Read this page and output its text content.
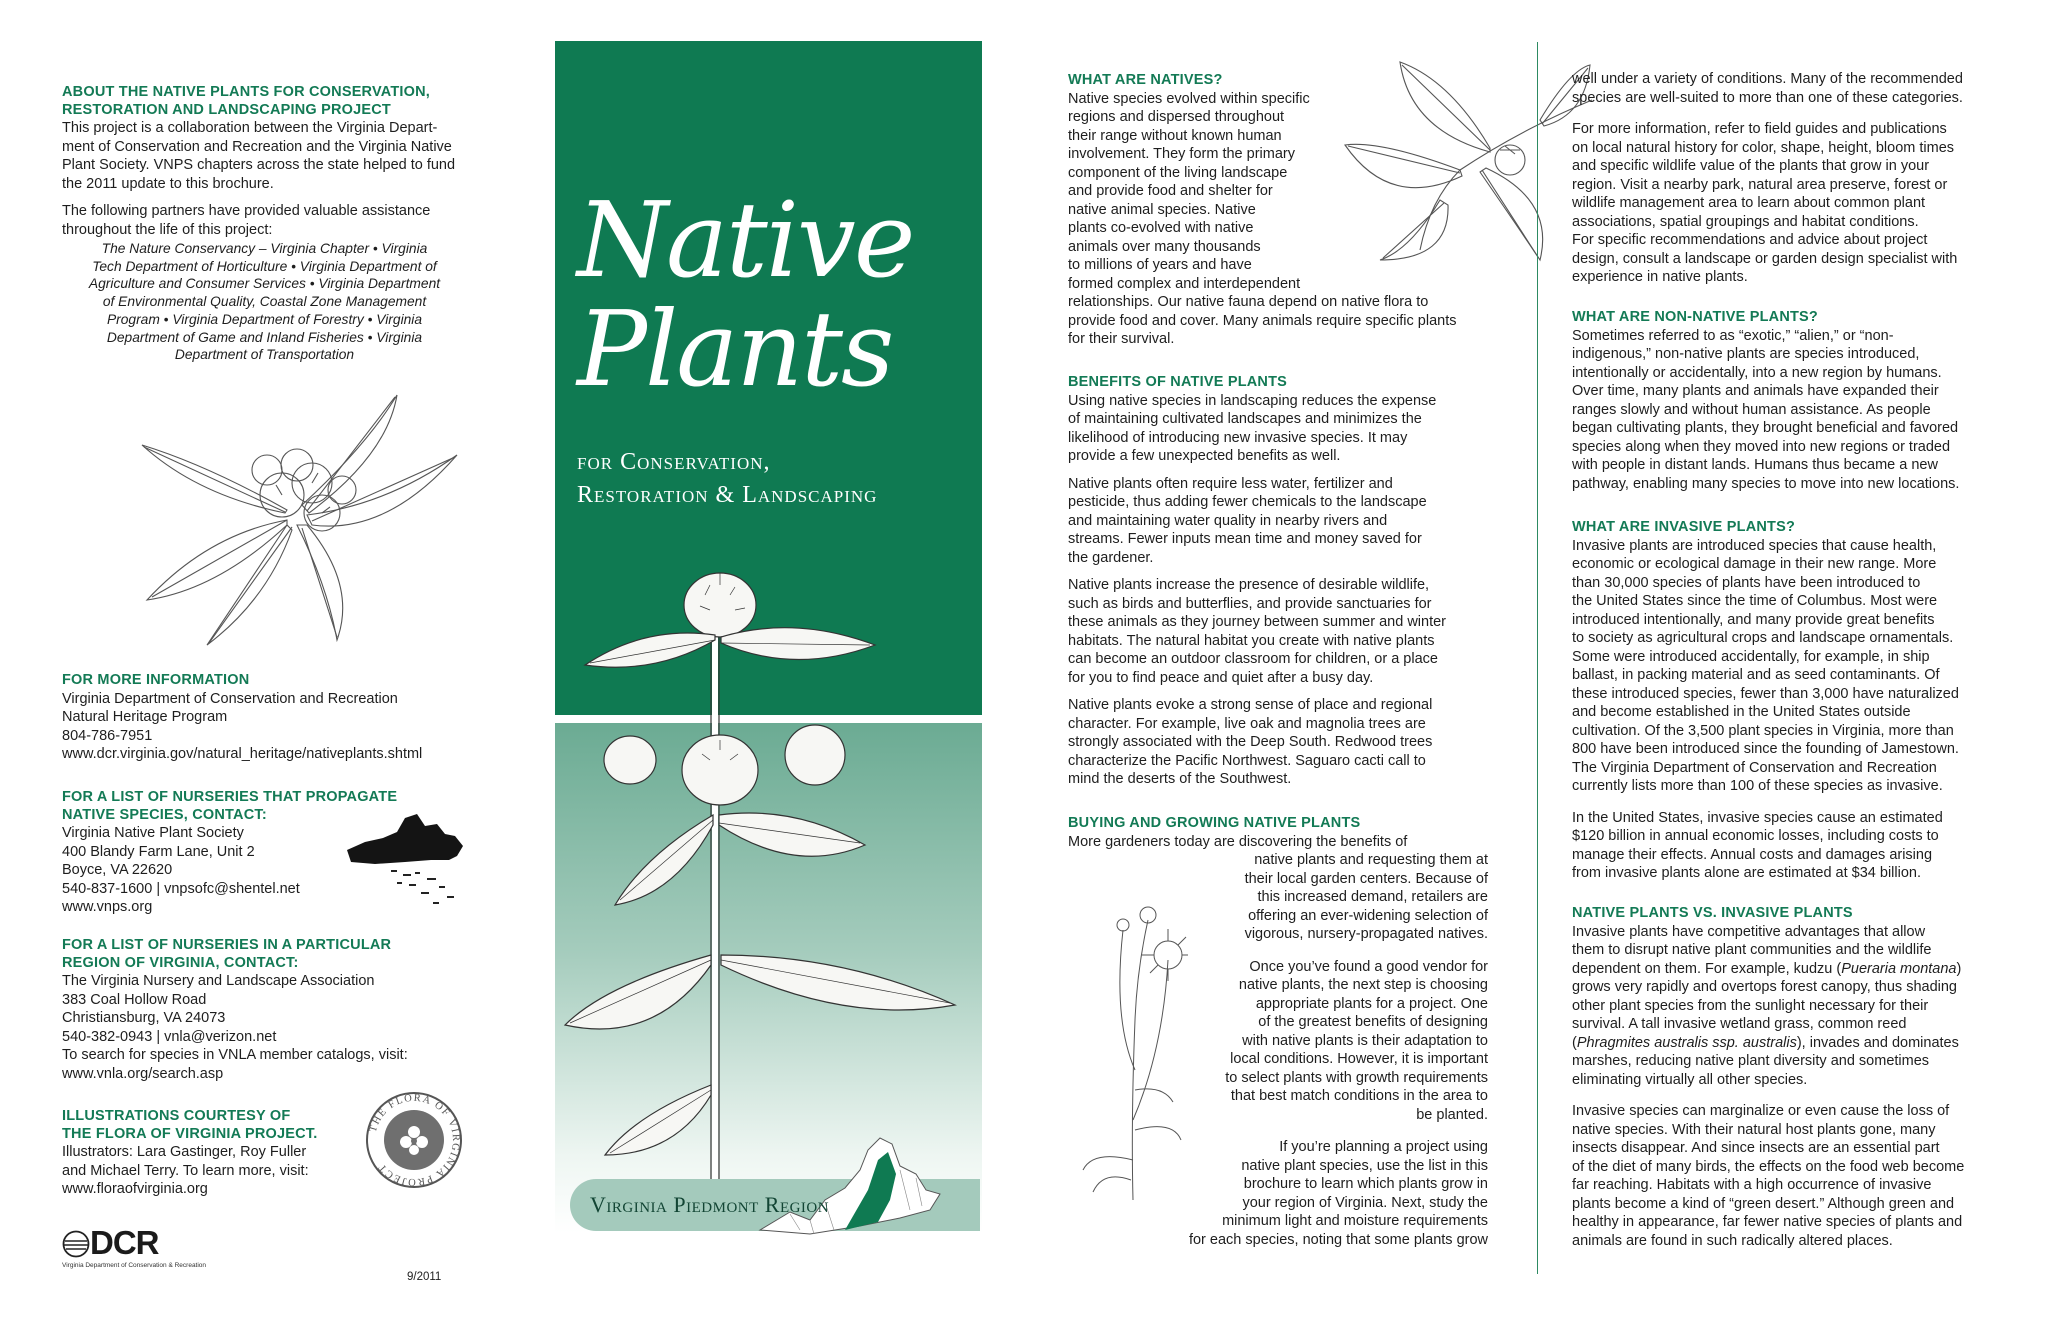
ABOUT THE NATIVE PLANTS FOR CONSERVATION,
RESTORATION AND LANDSCAPING PROJECT

This project is a collaboration between the Virginia Depart-
ment of Conservation and Recreation and the Virginia Native
Plant Society. VNPS chapters across the state helped to fund
the 2011 update to this brochure.

The following partners have provided valuable assistance
throughout the life of this project:

The Nature Conservancy – Virginia Chapter • Virginia
Tech Department of Horticulture • Virginia Department of
Agriculture and Consumer Services • Virginia Department
of Environmental Quality, Coastal Zone Management
Program • Virginia Department of Forestry • Virginia
Department of Game and Inland Fisheries • Virginia
Department of Transportation
FOR MORE INFORMATION
Virginia Department of Conservation and Recreation
Natural Heritage Program
804-786-7951
www.dcr.virginia.gov/natural_heritage/nativeplants.shtml
FOR A LIST OF NURSERIES THAT PROPAGATE
NATIVE SPECIES, CONTACT:
Virginia Native Plant Society
400 Blandy Farm Lane, Unit 2
Boyce, VA 22620
540-837-1600 | vnpsofc@shentel.net
www.vnps.org
FOR A LIST OF NURSERIES IN A PARTICULAR
REGION OF VIRGINIA, CONTACT:
The Virginia Nursery and Landscape Association
383 Coal Hollow Road
Christiansburg, VA 24073
540-382-0943 | vnla@verizon.net
To search for species in VNLA member catalogs, visit:
www.vnla.org/search.asp
ILLUSTRATIONS COURTESY OF
THE FLORA OF VIRGINIA PROJECT.
Illustrators: Lara Gastinger, Roy Fuller
and Michael Terry. To learn more, visit:
www.floraofvirginia.org
THE FLORA OF VIRGINIA PROJECT
DCR
Virginia Department of Conservation & Recreation
9/2011
Native
Plants
for Conservation,
Restoration & Landscaping
Virginia Piedmont Region
WHAT ARE NATIVES?
Native species evolved within specific
regions and dispersed throughout
their range without known human
involvement. They form the primary
component of the living landscape
and provide food and shelter for
native animal species. Native
plants co-evolved with native
animals over many thousands
to millions of years and have
formed complex and interdependent
relationships. Our native fauna depend on native flora to
provide food and cover. Many animals require specific plants
for their survival.
BENEFITS OF NATIVE PLANTS

Using native species in landscaping reduces the expense
of maintaining cultivated landscapes and minimizes the
likelihood of introducing new invasive species. It may
provide a few unexpected benefits as well.

Native plants often require less water, fertilizer and
pesticide, thus adding fewer chemicals to the landscape
and maintaining water quality in nearby rivers and
streams. Fewer inputs mean time and money saved for
the gardener.

Native plants increase the presence of desirable wildlife,
such as birds and butterflies, and provide sanctuaries for
these animals as they journey between summer and winter
habitats. The natural habitat you create with native plants
can become an outdoor classroom for children, or a place
for you to find peace and quiet after a busy day.

Native plants evoke a strong sense of place and regional
character. For example, live oak and magnolia trees are
strongly associated with the Deep South. Redwood trees
characterize the Pacific Northwest. Saguaro cacti call to
mind the deserts of the Southwest.

BUYING AND GROWING NATIVE PLANTS

More gardeners today are discovering the benefits of
native plants and requesting them at
their local garden centers. Because of
this increased demand, retailers are
offering an ever-widening selection of
vigorous, nursery-propagated natives.

Once you’ve found a good vendor for
native plants, the next step is choosing
appropriate plants for a project. One
of the greatest benefits of designing
with native plants is their adaptation to
local conditions. However, it is important
to select plants with growth requirements
that best match conditions in the area to
be planted.

If you’re planning a project using
native plant species, use the list in this
brochure to learn which plants grow in
your region of Virginia. Next, study the
minimum light and moisture requirements
for each species, noting that some plants grow

well under a variety of conditions. Many of the recommended
species are well-suited to more than one of these categories.

For more information, refer to field guides and publications
on local natural history for color, shape, height, bloom times
and specific wildlife value of the plants that grow in your
region. Visit a nearby park, natural area preserve, forest or
wildlife management area to learn about common plant
associations, spatial groupings and habitat conditions.
For specific recommendations and advice about project
design, consult a landscape or garden design specialist with
experience in native plants.

WHAT ARE NON-NATIVE PLANTS?
Sometimes referred to as “exotic,” “alien,” or “non-
indigenous,” non-native plants are species introduced,
intentionally or accidentally, into a new region by humans.
Over time, many plants and animals have expanded their
ranges slowly and without human assistance. As people
began cultivating plants, they brought beneficial and favored
species along when they moved into new regions or traded
with people in distant lands. Humans thus became a new
pathway, enabling many species to move into new locations.
WHAT ARE INVASIVE PLANTS?

Invasive plants are introduced species that cause health,
economic or ecological damage in their new range. More
than 30,000 species of plants have been introduced to
the United States since the time of Columbus. Most were
introduced intentionally, and many provide great benefits
to society as agricultural crops and landscape ornamentals.
Some were introduced accidentally, for example, in ship
ballast, in packing material and as seed contaminants. Of
these introduced species, fewer than 3,000 have naturalized
and become established in the United States outside
cultivation. Of the 3,500 plant species in Virginia, more than
800 have been introduced since the founding of Jamestown.
The Virginia Department of Conservation and Recreation
currently lists more than 100 of these species as invasive.

In the United States, invasive species cause an estimated
$120 billion in annual economic losses, including costs to
manage their effects. Annual costs and damages arising
from invasive plants alone are estimated at $34 billion.

NATIVE PLANTS VS. INVASIVE PLANTS

Invasive plants have competitive advantages that allow
them to disrupt native plant communities and the wildlife
dependent on them. For example, kudzu (Pueraria montana)
grows very rapidly and overtops forest canopy, thus shading
other plant species from the sunlight necessary for their
survival. A tall invasive wetland grass, common reed
(Phragmites australis ssp. australis), invades and dominates
marshes, reducing native plant diversity and sometimes
eliminating virtually all other species.

Invasive species can marginalize or even cause the loss of
native species. With their natural host plants gone, many
insects disappear. And since insects are an essential part
of the diet of many birds, the effects on the food web become
far reaching. Habitats with a high occurrence of invasive
plants become a kind of “green desert.” Although green and
healthy in appearance, far fewer native species of plants and
animals are found in such radically altered places.
